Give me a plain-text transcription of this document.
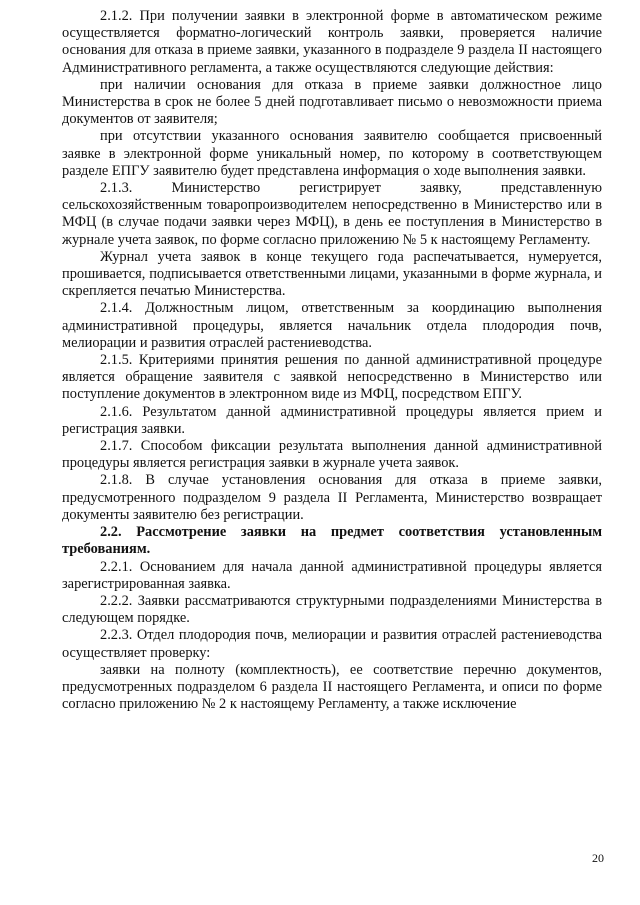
2.1.2. При получении заявки в электронной форме в автоматическом режиме осуществляется форматно-логический контроль заявки, проверяется наличие основания для отказа в приеме заявки, указанного в подразделе 9 раздела II настоящего Административного регламента, а также осуществляются следующие действия:

при наличии основания для отказа в приеме заявки должностное лицо Министерства в срок не более 5 дней подготавливает письмо о невозможности приема документов от заявителя;

при отсутствии указанного основания заявителю сообщается присвоенный заявке в электронной форме уникальный номер, по которому в соответствующем разделе ЕПГУ заявителю будет представлена информация о ходе выполнения заявки.

2.1.3. Министерство регистрирует заявку, представленную сельскохозяйственным товаропроизводителем непосредственно в Министерство или в МФЦ (в случае подачи заявки через МФЦ), в день ее поступления в Министерство в журнале учета заявок, по форме согласно приложению № 5 к настоящему Регламенту.

Журнал учета заявок в конце текущего года распечатывается, нумеруется, прошивается, подписывается ответственными лицами, указанными в форме журнала, и скрепляется печатью Министерства.

2.1.4. Должностным лицом, ответственным за координацию выполнения административной процедуры, является начальник отдела плодородия почв, мелиорации и развития отраслей растениеводства.

2.1.5. Критериями принятия решения по данной административной процедуре является обращение заявителя с заявкой непосредственно в Министерство или поступление документов в электронном виде из МФЦ, посредством ЕПГУ.

2.1.6. Результатом данной административной процедуры является прием и регистрация заявки.

2.1.7. Способом фиксации результата выполнения данной административной процедуры является регистрация заявки в журнале учета заявок.

2.1.8. В случае установления основания для отказа в приеме заявки, предусмотренного подразделом 9 раздела II Регламента, Министерство возвращает документы заявителю без регистрации.

2.2. Рассмотрение заявки на предмет соответствия установленным требованиям.

2.2.1. Основанием для начала данной административной процедуры является зарегистрированная заявка.

2.2.2. Заявки рассматриваются структурными подразделениями Министерства в следующем порядке.

2.2.3. Отдел плодородия почв, мелиорации и развития отраслей растениеводства осуществляет проверку:

заявки на полноту (комплектность), ее соответствие перечню документов, предусмотренных подразделом 6 раздела II настоящего Регламента, и описи по форме согласно приложению № 2 к настоящему Регламенту, а также исключение

20
